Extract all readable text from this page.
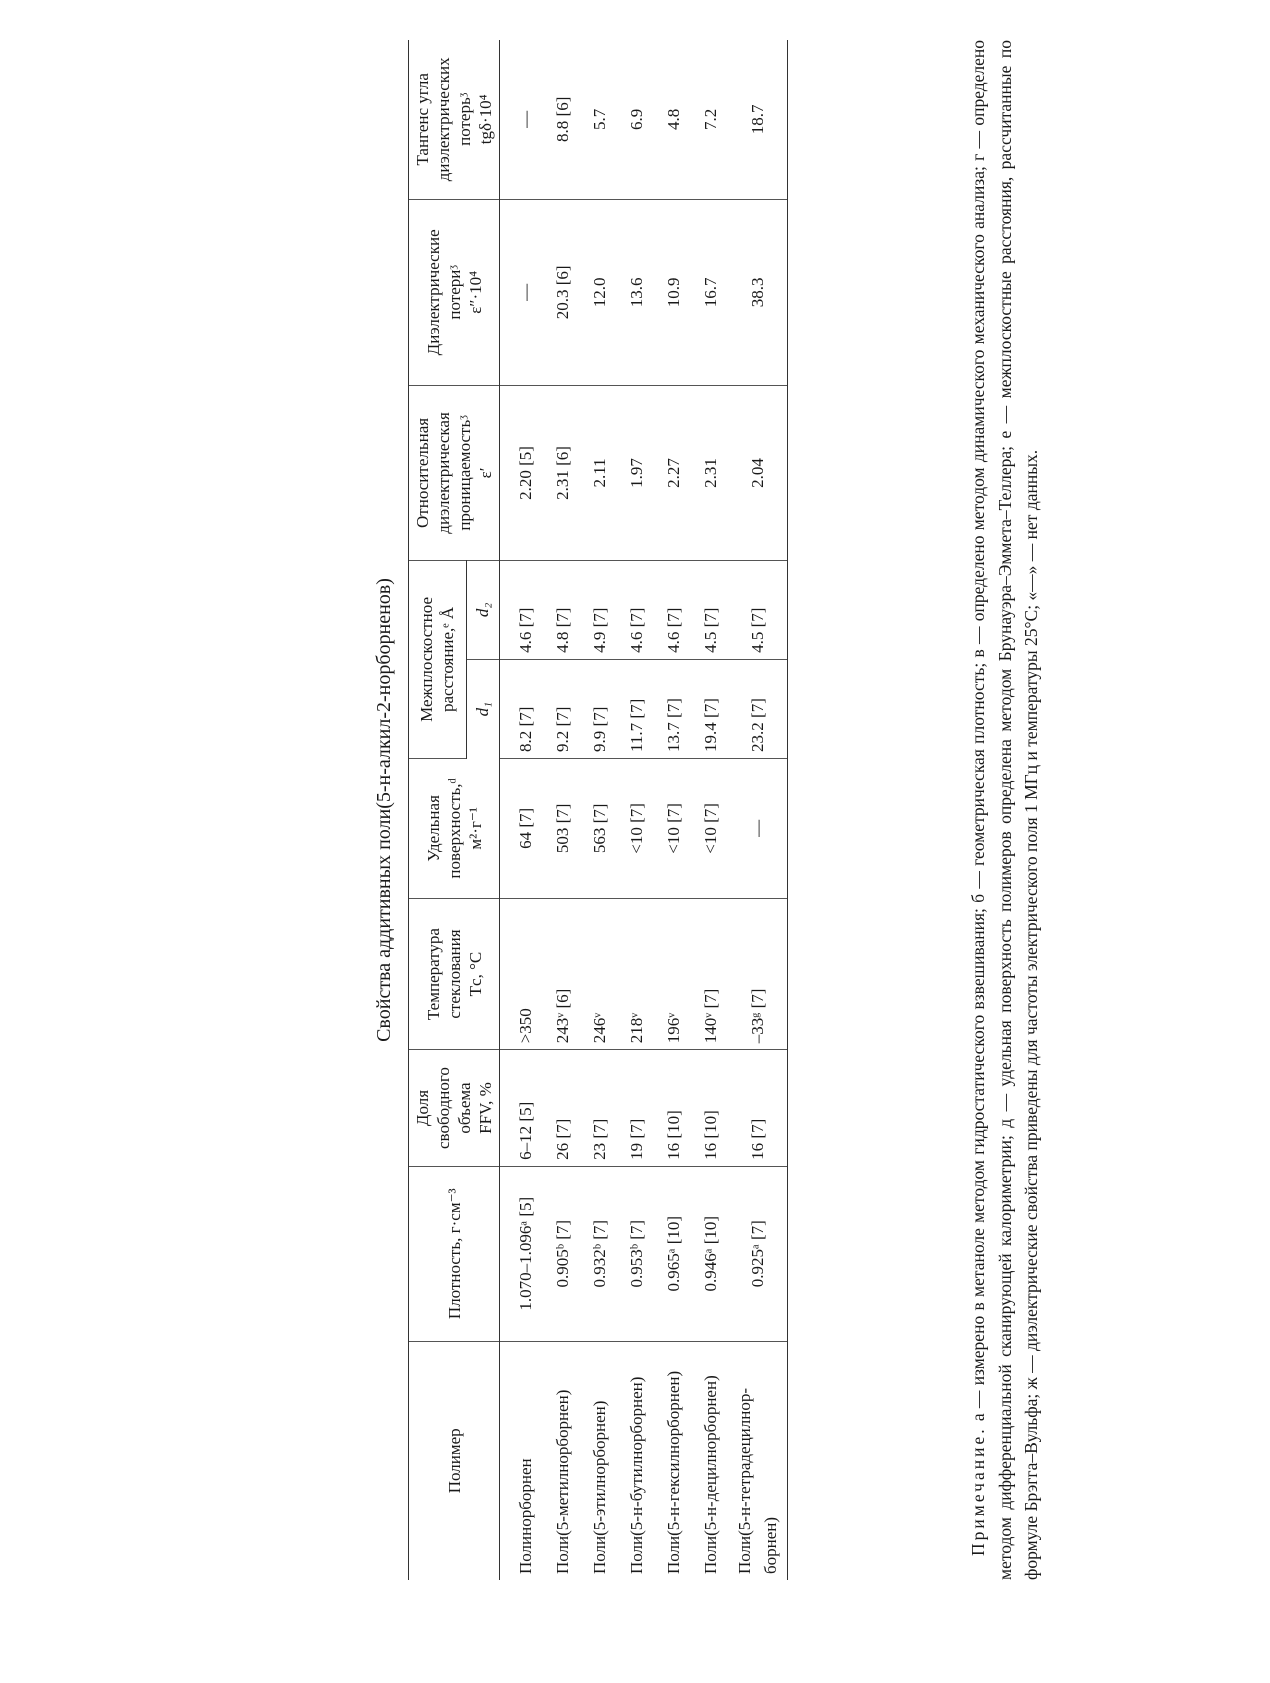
Свойства аддитивных поли(5-н-алкил-2-норборненов)
Полимер	Плотность, г·см⁻³	Доля свободного объема FFV, %	Температура стеклования Tс, °С	Удельная поверхность,ᵈ м²·г⁻¹	Межплоскостное расстояние,ᵉ Å		Относительная диэлектрическая проницаемостьᶾ ε′	Диэлектрические потериᶾ ε″·10⁴	Тангенс угла диэлектрических потерьᶾ tgδ·10⁴

					d₁	d₂			
Полинорборнен	1.070–1.096ᵃ [5]	6–12 [5]	>350	64 [7]	8.2 [7]	4.6 [7]	2.20 [5]	—	—
Поли(5-метилнорборнен)	0.905ᵇ [7]	26 [7]	243ᵛ [6]	503 [7]	9.2 [7]	4.8 [7]	2.31 [6]	20.3 [6]	8.8 [6]
Поли(5-этилнорборнен)	0.932ᵇ [7]	23 [7]	246ᵛ	563 [7]	9.9 [7]	4.9 [7]	2.11	12.0	5.7
Поли(5-н-бутилнорборнен)	0.953ᵇ [7]	19 [7]	218ᵛ	<10 [7]	11.7 [7]	4.6 [7]	1.97	13.6	6.9
Поли(5-н-гексилнорборнен)	0.965ᵃ [10]	16 [10]	196ᵛ	<10 [7]	13.7 [7]	4.6 [7]	2.27	10.9	4.8
Поли(5-н-децилнорборнен)	0.946ᵃ [10]	16 [10]	140ᵛ [7]	<10 [7]	19.4 [7]	4.5 [7]	2.31	16.7	7.2
Поли(5-н-тетрадецилнор-борнен)	0.925ᵃ [7]	16 [7]	–33ᵍ [7]	—	23.2 [7]	4.5 [7]	2.04	38.3	18.7

Примечание. а — измерено в метаноле методом гидростатического взвешивания; б — геометрическая плотность; в — определено методом динамического механического анализа; г — определено методом дифференциальной сканирующей калориметрии; д — удельная поверхность полимеров определена методом Брунауэра–Эммета–Теллера; е — межплоскостные расстояния, рассчитанные по формуле Брэгга–Вульфа; ж — диэлектрические свойства приведены для частоты электрического поля 1 МГц и температуры 25°С; «—» — нет данных.
